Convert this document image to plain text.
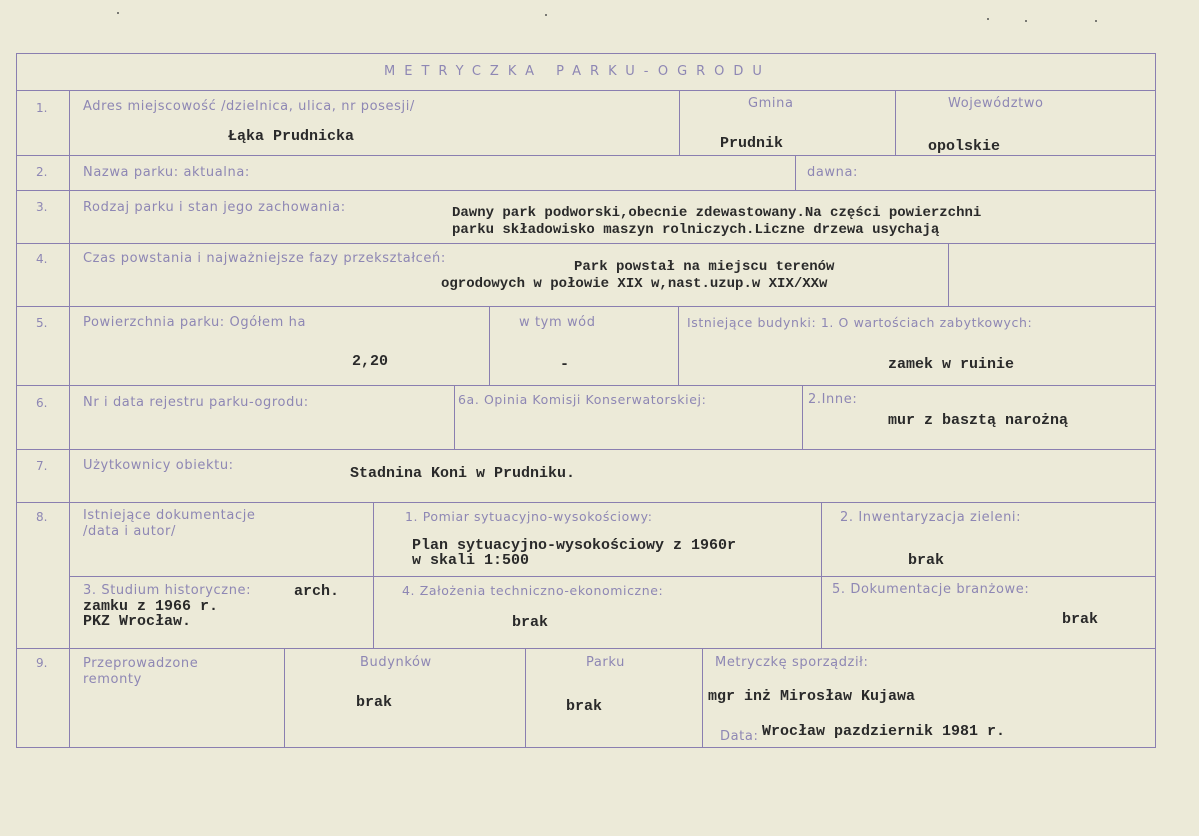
METRYCZKA PARKU-OGRODU
1.	Adres miejscowość /dzielnica, ulica, nr posesji/
Łąka Prudnicka
Gmina
Prudnik
Województwo
opolskie
2.	Nazwa parku: aktualna:	dawna:
3.	Rodzaj parku i stan jego zachowania:	Dawny park podworski,obecnie zdewastowany.Na części powierzchni
parku składowisko maszyn rolniczych.Liczne drzewa usychają
4.	Czas powstania i najważniejsze fazy przekształceń:
Park powstał na miejscu terenów
ogrodowych w połowie XIX w,nast.uzup.w XIX/XXw
5.	Powierzchnia parku: Ogółem ha
2,20
w tym wód
-
Istniejące budynki: 1. O wartościach zabytkowych:
zamek w ruinie
6.	Nr i data rejestru parku-ogrodu:	6a. Opinia Komisji Konserwatorskiej:	2.Inne:
mur z basztą narożną
7.	Użytkownicy obiektu:	Stadnina Koni w Prudniku.
8.	Istniejące dokumentacje
/data i autor/
1. Pomiar sytuacyjno-wysokościowy:
Plan sytuacyjno-wysokościowy z 1960r
w skali 1:500
2. Inwentaryzacja zieleni:
brak
3. Studium historyczne:	arch.
zamku z 1966 r.
PKZ Wrocław.
4. Założenia techniczno-ekonomiczne:
brak
5. Dokumentacje branżowe:
brak
9.	Przeprowadzone
remonty
Budynków
brak
Parku
brak
Metryczkę sporządził:
mgr inż Mirosław Kujawa
Data: Wrocław pazdziernik 1981 r.
